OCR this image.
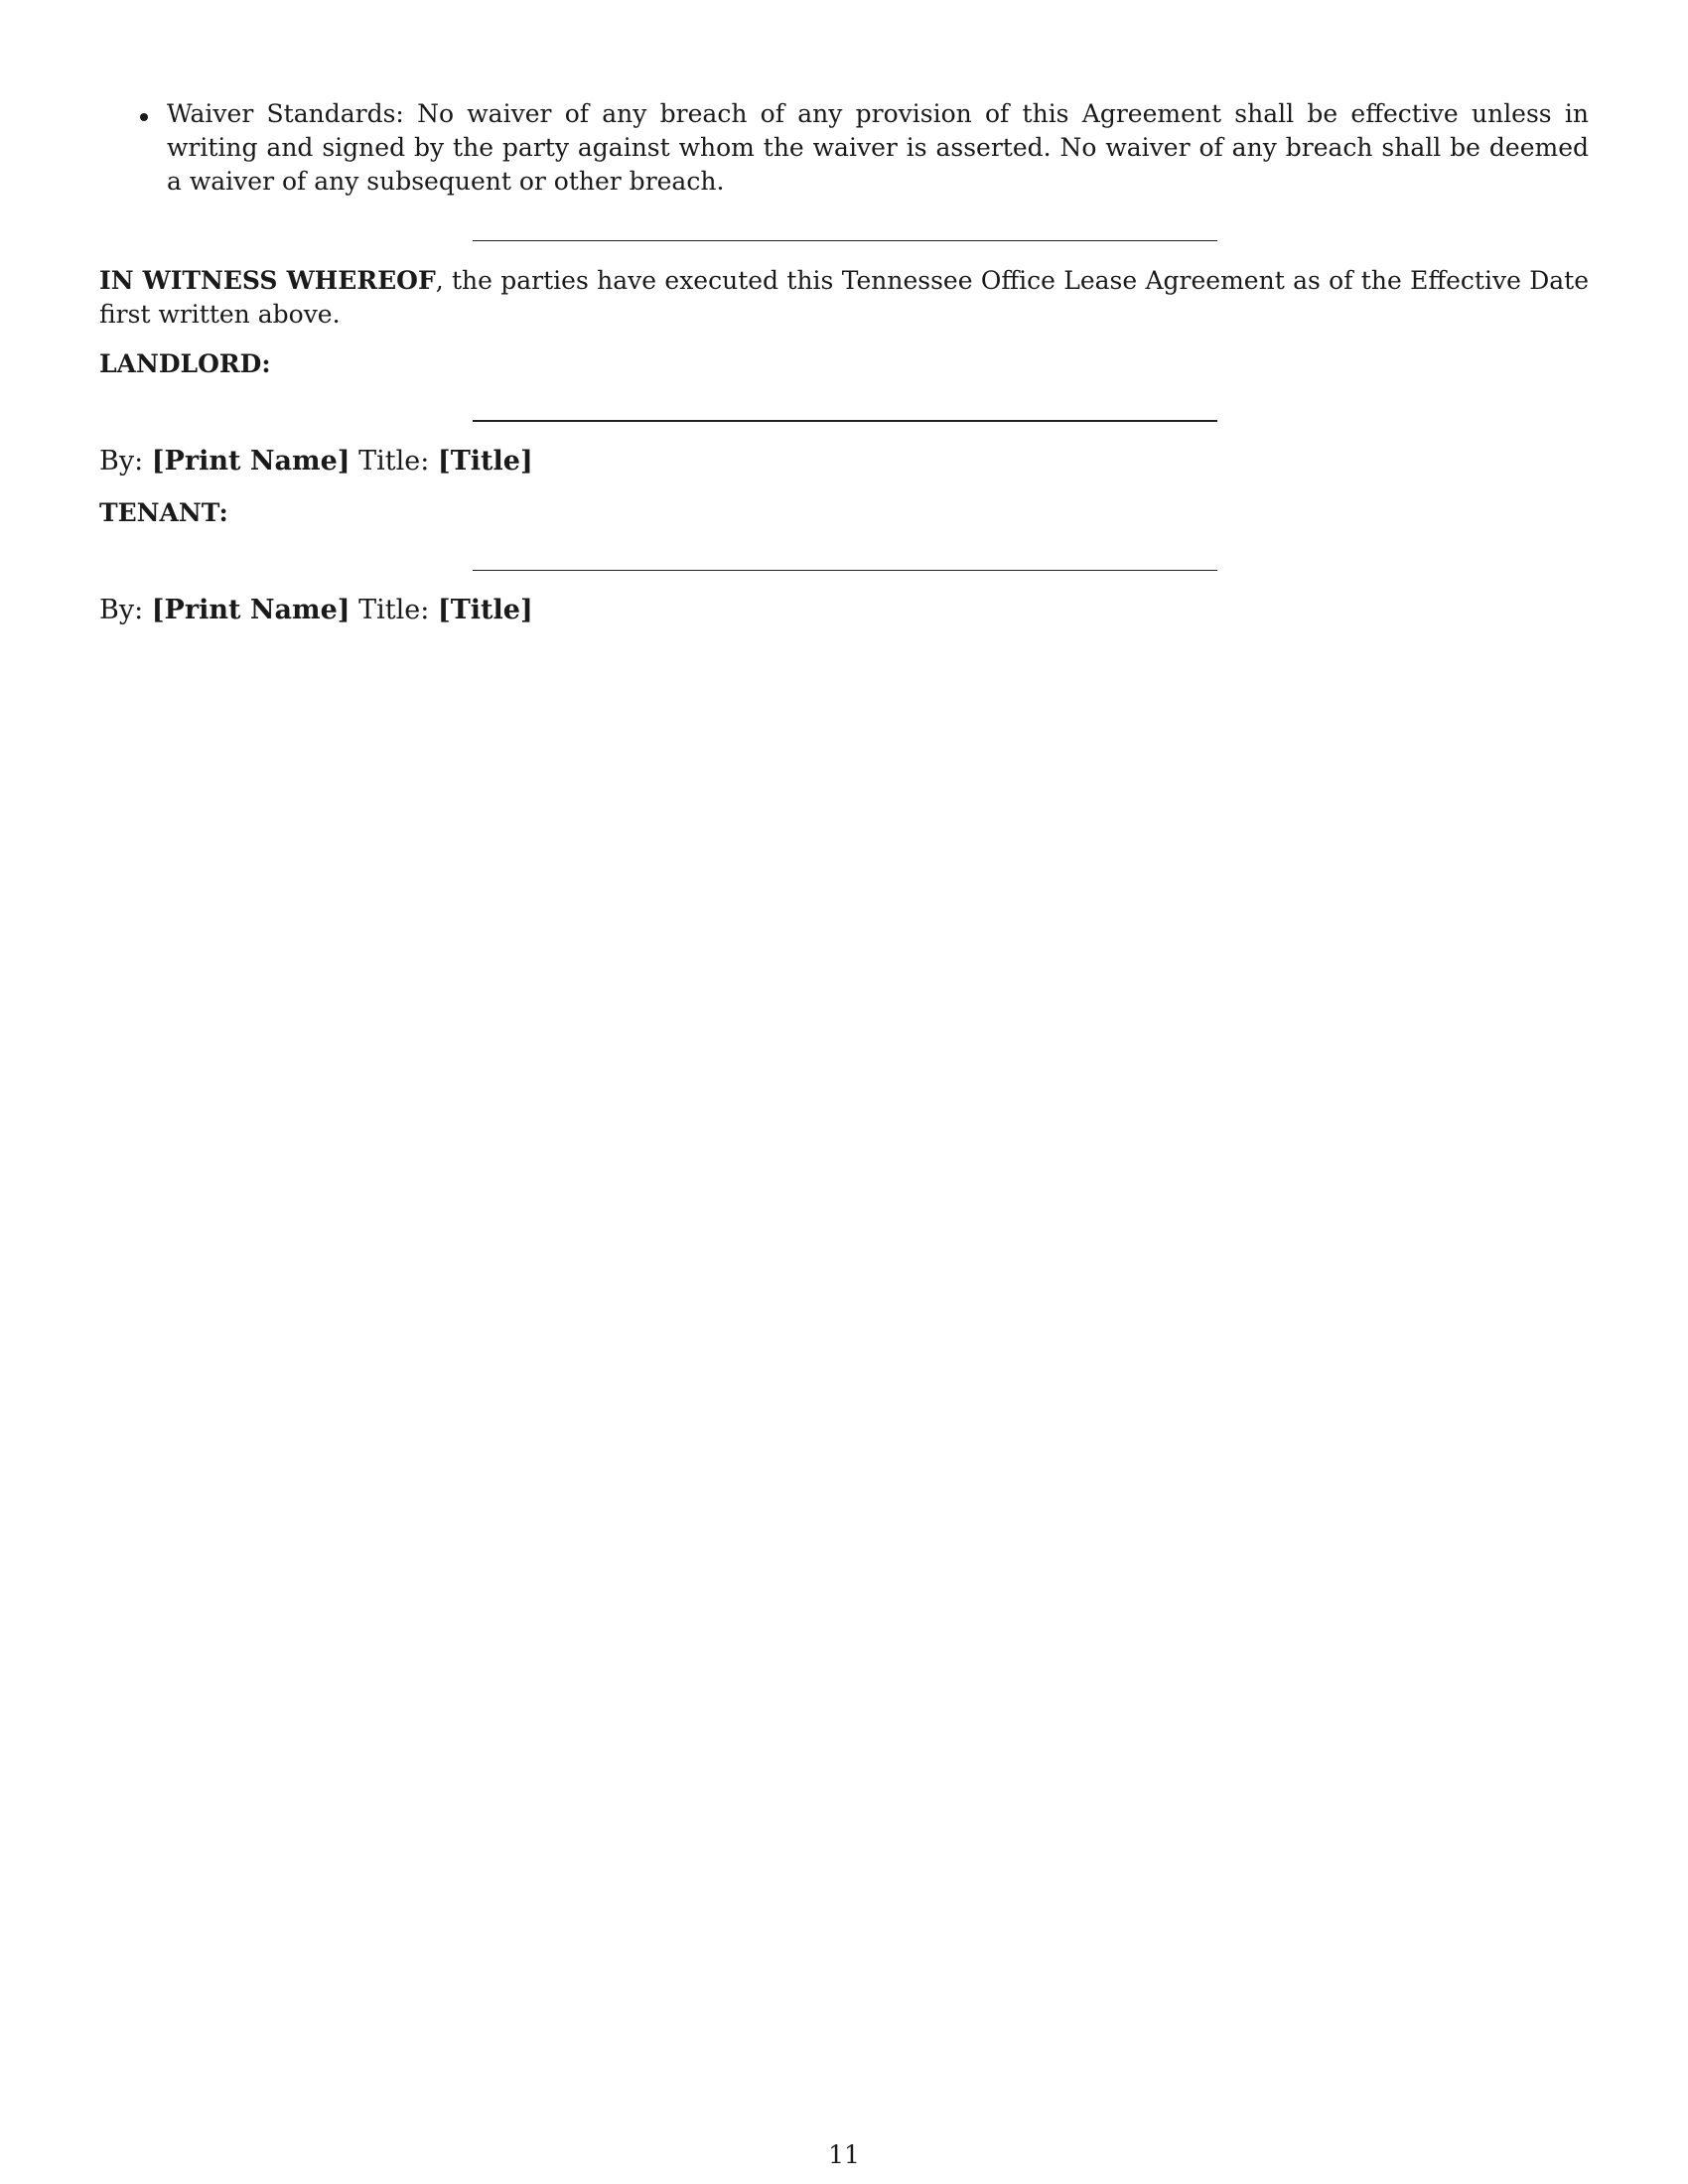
Waiver Standards: No waiver of any breach of any provision of this Agreement shall be effective unless in writing and signed by the party against whom the waiver is asserted. No waiver of any breach shall be deemed a waiver of any subsequent or other breach.

IN WITNESS WHEREOF, the parties have executed this Tennessee Office Lease Agreement as of the Effective Date first written above.

LANDLORD:

By: [Print Name] Title: [Title]

TENANT:

By: [Print Name] Title: [Title]

11
